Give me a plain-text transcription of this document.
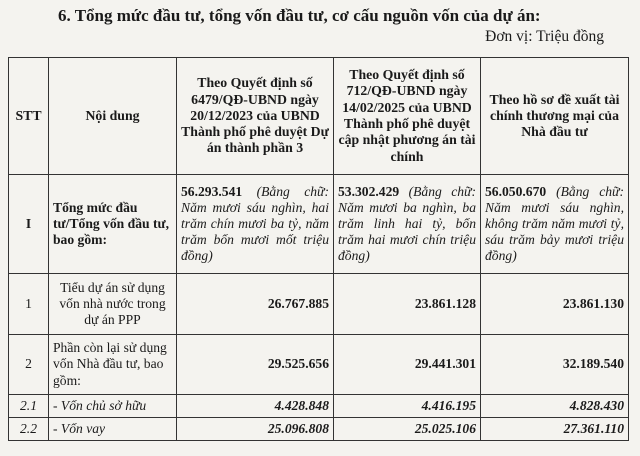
6. Tổng mức đầu tư, tổng vốn đầu tư, cơ cấu nguồn vốn của dự án:
Đơn vị: Triệu đồng
STT	Nội dung	Theo Quyết định số 6479/QĐ-UBND ngày 20/12/2023 của UBND Thành phố phê duyệt Dự án thành phần 3	Theo Quyết định số 712/QĐ-UBND ngày 14/02/2025 của UBND Thành phố phê duyệt cập nhật phương án tài chính	Theo hồ sơ đề xuất tài chính thương mại của Nhà đầu tư
I	Tổng mức đầu tư/Tổng vốn đầu tư, bao gồm:	56.293.541 (Bằng chữ: Năm mươi sáu nghìn, hai trăm chín mươi ba tỷ, năm trăm bốn mươi mốt triệu đồng)	53.302.429 (Bằng chữ: Năm mươi ba nghìn, ba trăm linh hai tỷ, bốn trăm hai mươi chín triệu đồng)	56.050.670 (Bằng chữ: Năm mươi sáu nghìn, không trăm năm mươi tỷ, sáu trăm bảy mươi triệu đồng)
1	Tiểu dự án sử dụng vốn nhà nước trong dự án PPP	26.767.885	23.861.128	23.861.130
2	Phần còn lại sử dụng vốn Nhà đầu tư, bao gồm:	29.525.656	29.441.301	32.189.540
2.1	- Vốn chủ sở hữu	4.428.848	4.416.195	4.828.430
2.2	- Vốn vay	25.096.808	25.025.106	27.361.110
